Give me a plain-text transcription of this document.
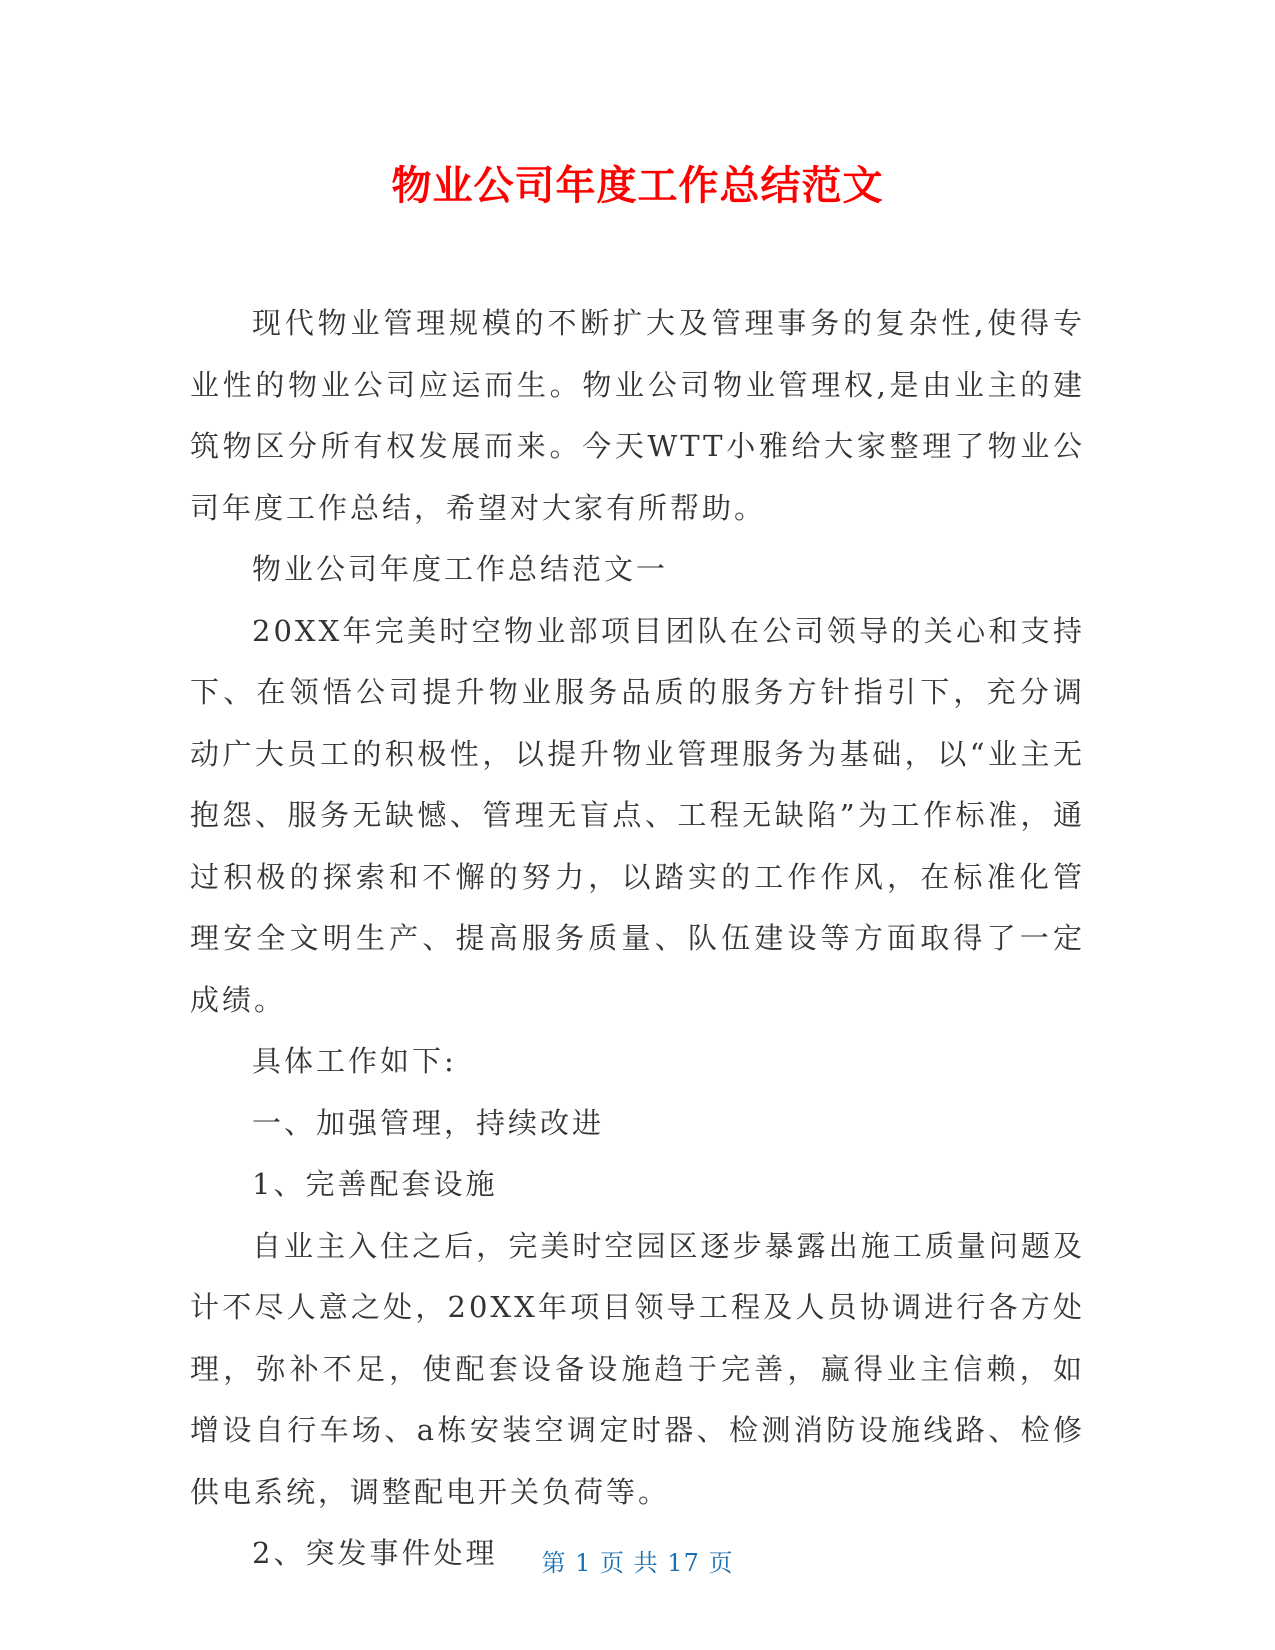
物业公司年度工作总结范文

现代物业管理规模的不断扩大及管理事务的复杂性,使得专业性的物业公司应运而生。物业公司物业管理权,是由业主的建筑物区分所有权发展而来。今天WTT小雅给大家整理了物业公司年度工作总结，希望对大家有所帮助。

物业公司年度工作总结范文一

20XX年完美时空物业部项目团队在公司领导的关心和支持下、在领悟公司提升物业服务品质的服务方针指引下，充分调动广大员工的积极性，以提升物业管理服务为基础，以“业主无抱怨、服务无缺憾、管理无盲点、工程无缺陷”为工作标准，通过积极的探索和不懈的努力，以踏实的工作作风，在标准化管理安全文明生产、提高服务质量、队伍建设等方面取得了一定成绩。

具体工作如下:

一、加强管理，持续改进

1、完善配套设施

自业主入住之后，完美时空园区逐步暴露出施工质量问题及计不尽人意之处，20XX年项目领导工程及人员协调进行各方处理，弥补不足，使配套设备设施趋于完善，赢得业主信赖，如增设自行车场、a栋安装空调定时器、检测消防设施线路、检修供电系统，调整配电开关负荷等。

2、突发事件处理	第 1 页 共 17 页
